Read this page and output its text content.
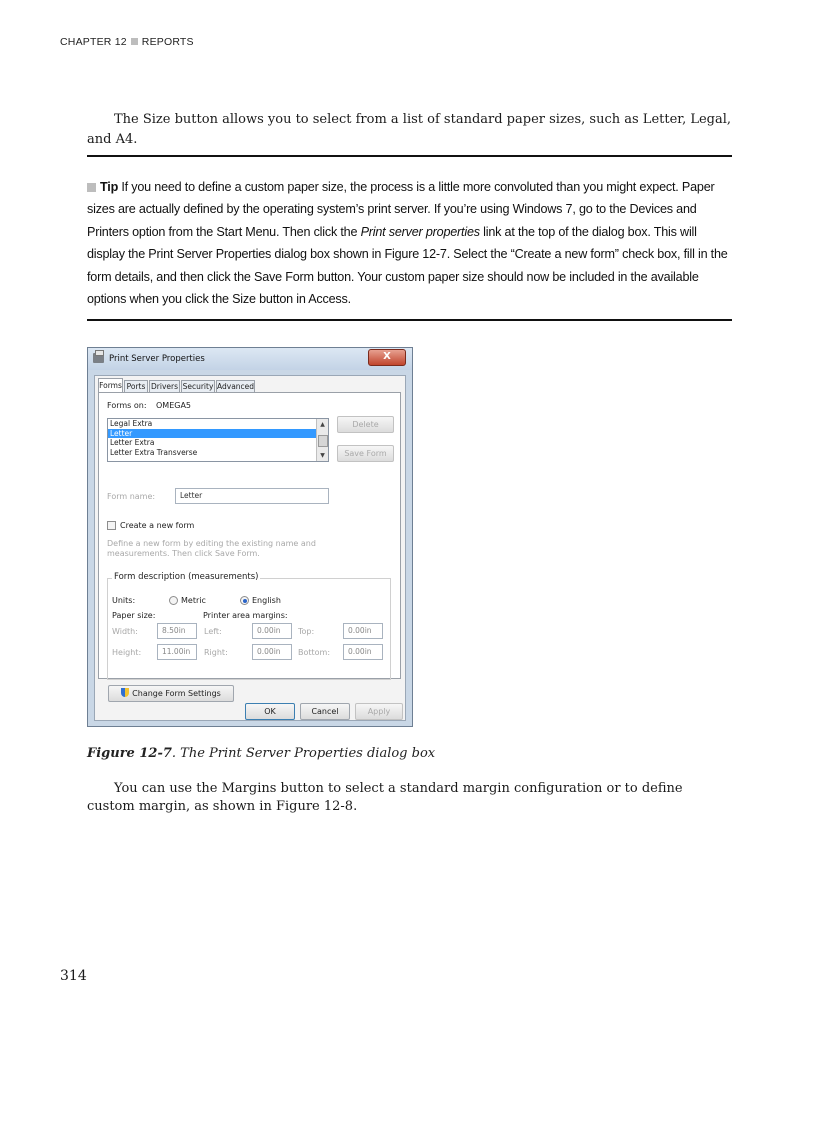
CHAPTER 12 REPORTS
The Size button allows you to select from a list of standard paper sizes, such as Letter, Legal, and A4.
Tip If you need to define a custom paper size, the process is a little more convoluted than you might expect. Paper sizes are actually defined by the operating system’s print server. If you’re using Windows 7, go to the Devices and Printers option from the Start Menu. Then click the Print server properties link at the top of the dialog box. This will display the Print Server Properties dialog box shown in Figure 12-7. Select the “Create a new form” check box, fill in the form details, and then click the Save Form button. Your custom paper size should now be included in the available options when you click the Size button in Access.
Print Server Properties	X
Forms Ports Drivers Security Advanced
Forms on: OMEGA5
Legal Extra
Letter
Letter Extra
Letter Extra Transverse
▲
▼
Delete
Save Form
Form name:	Letter
Create a new form
Define a new form by editing the existing name and
measurements. Then click Save Form.
Form description (measurements)
Units:	Metric	English
Paper size:	Printer area margins:
Width:	8.50in	Left:	0.00in	Top:	0.00in
Height:	11.00in	Right:	0.00in	Bottom:	0.00in
Change Form Settings
OK	Cancel	Apply
Figure 12-7. The Print Server Properties dialog box
You can use the Margins button to select a standard margin configuration or to define custom margin, as shown in Figure 12-8.
314
